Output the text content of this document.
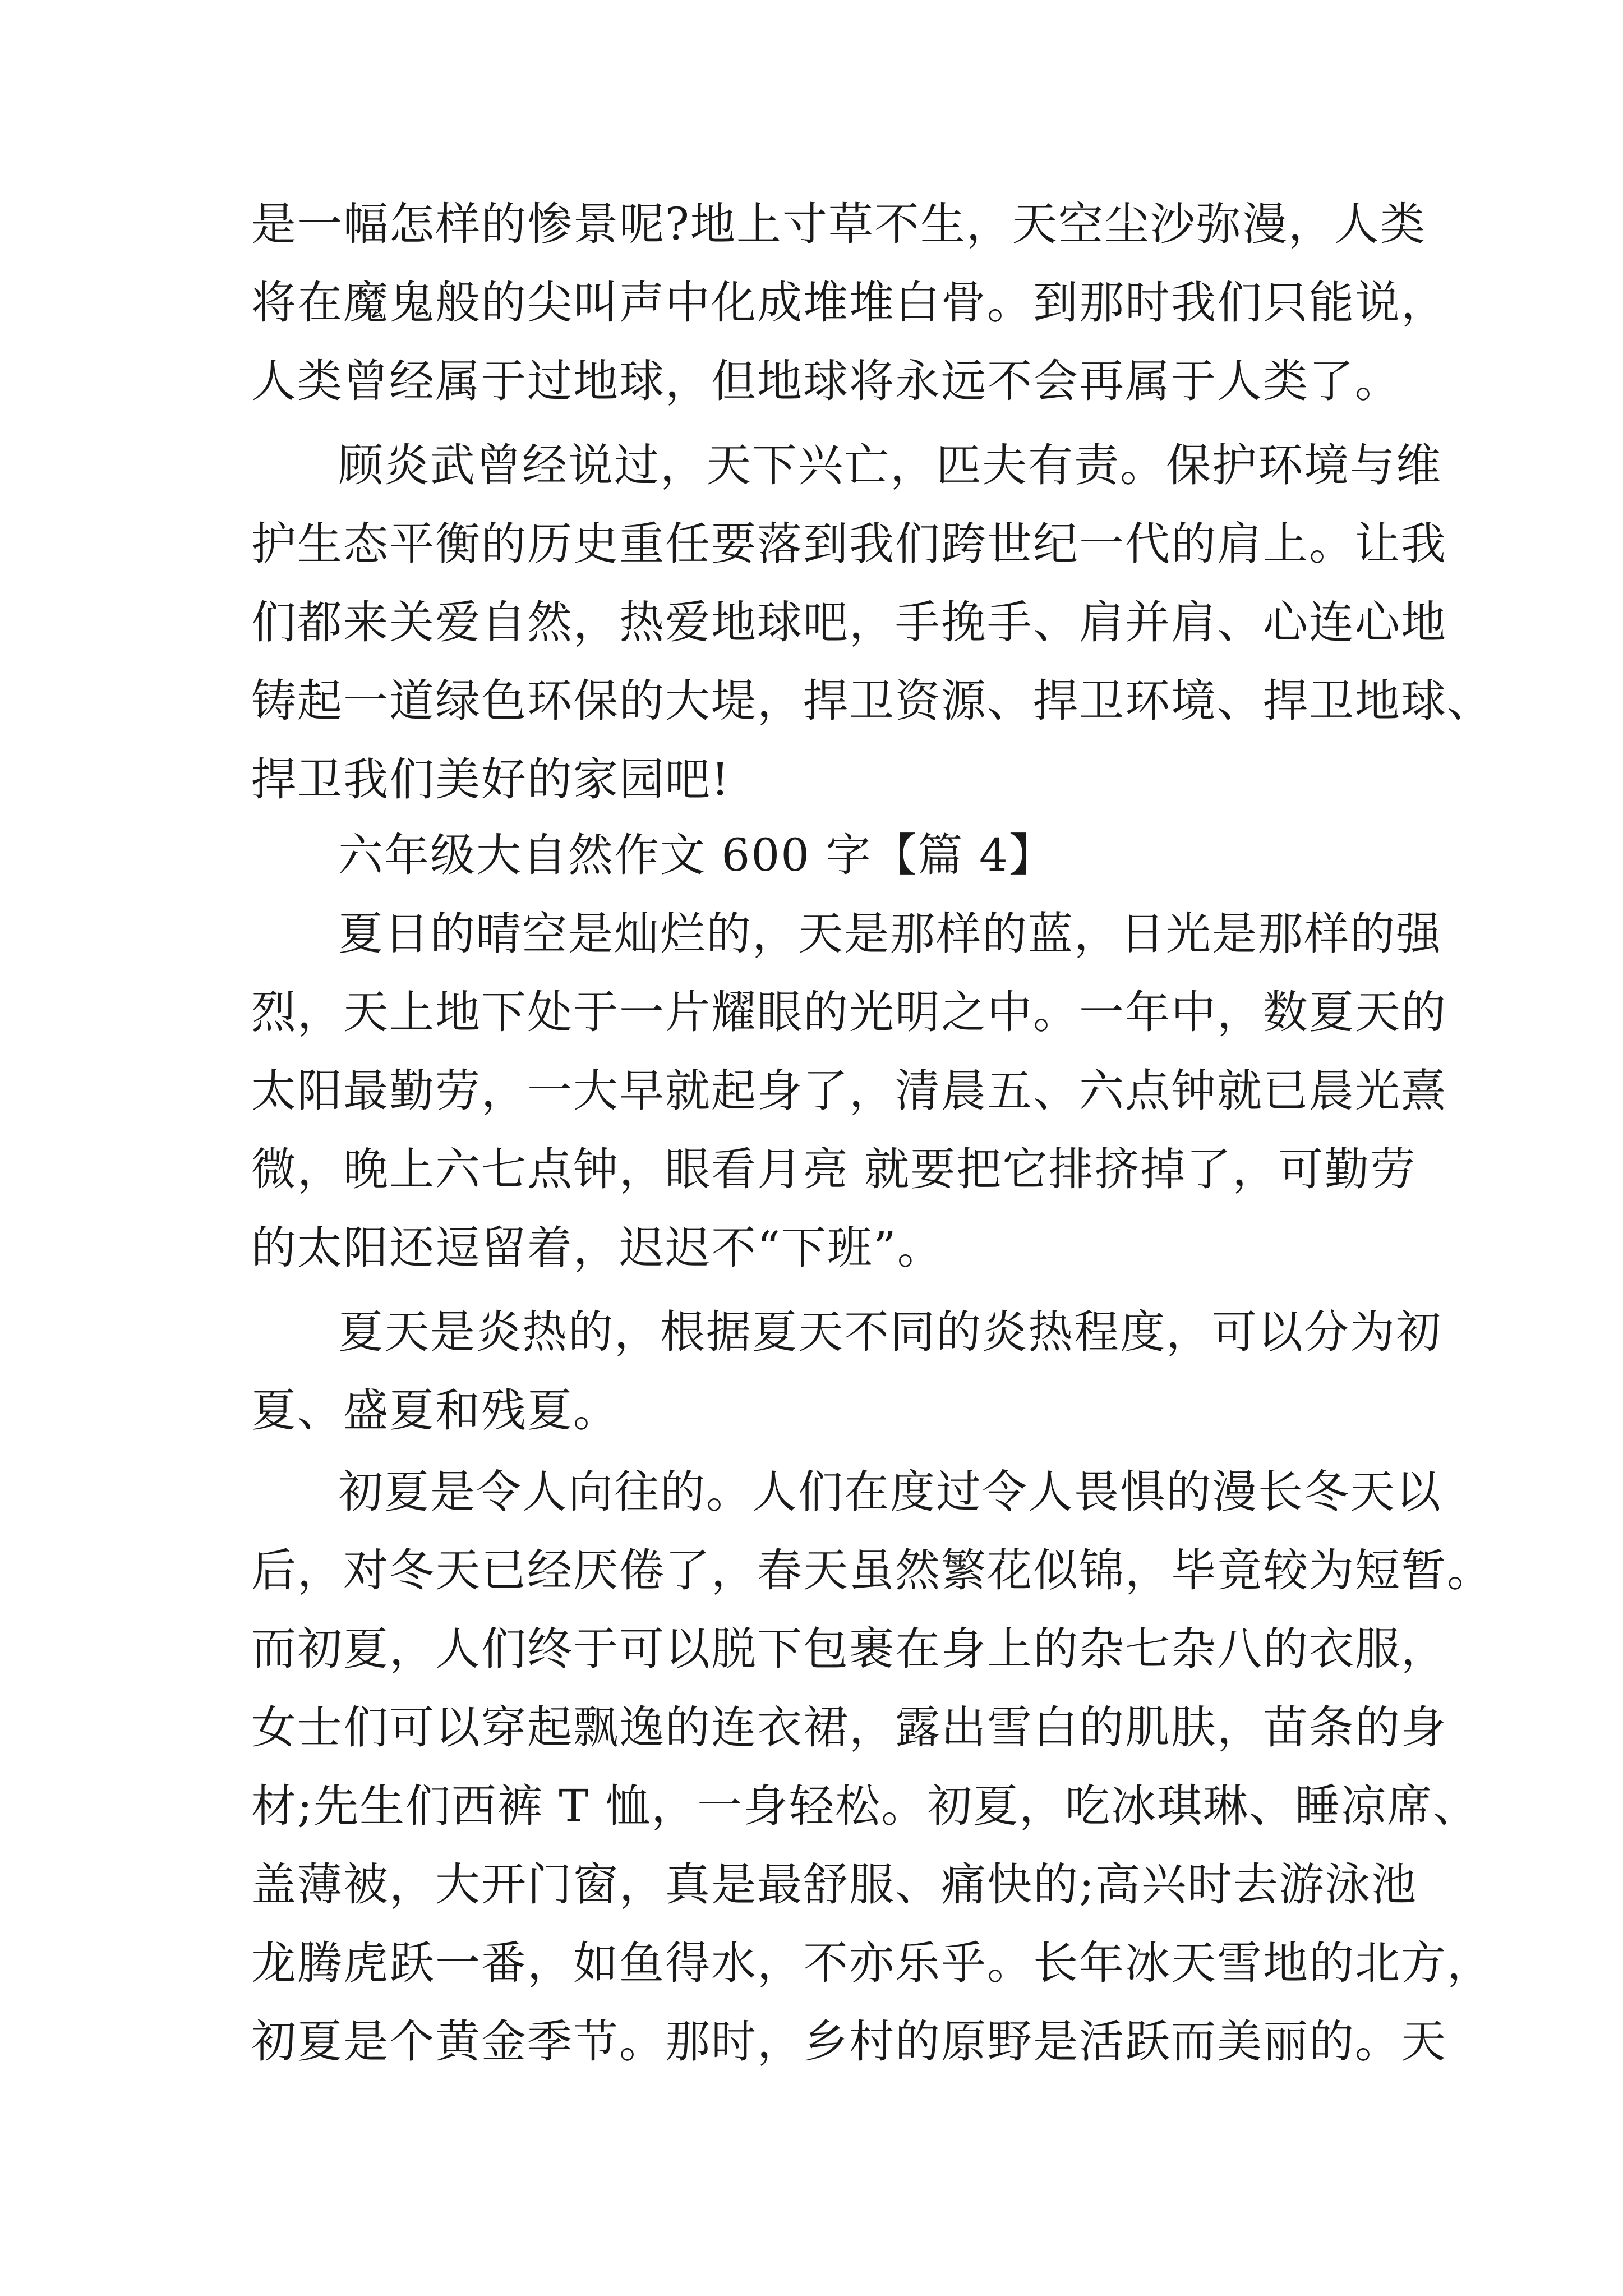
是一幅怎样的惨景呢?地上寸草不生，天空尘沙弥漫，人类
将在魔鬼般的尖叫声中化成堆堆白骨。到那时我们只能说，
人类曾经属于过地球，但地球将永远不会再属于人类了。
顾炎武曾经说过，天下兴亡，匹夫有责。保护环境与维
护生态平衡的历史重任要落到我们跨世纪一代的肩上。让我
们都来关爱自然，热爱地球吧，手挽手、肩并肩、心连心地
铸起一道绿色环保的大堤，捍卫资源、捍卫环境、捍卫地球、
捍卫我们美好的家园吧!
六年级大自然作文 600 字【篇 4】
夏日的晴空是灿烂的，天是那样的蓝，日光是那样的强
烈，天上地下处于一片耀眼的光明之中。一年中，数夏天的
太阳最勤劳，一大早就起身了，清晨五、六点钟就已晨光熹
微，晚上六七点钟，眼看月亮 就要把它排挤掉了，可勤劳
的太阳还逗留着，迟迟不“下班”。
夏天是炎热的，根据夏天不同的炎热程度，可以分为初
夏、盛夏和残夏。
初夏是令人向往的。人们在度过令人畏惧的漫长冬天以
后，对冬天已经厌倦了，春天虽然繁花似锦，毕竟较为短暂。
而初夏，人们终于可以脱下包裹在身上的杂七杂八的衣服，
女士们可以穿起飘逸的连衣裙，露出雪白的肌肤，苗条的身
材;先生们西裤 T 恤，一身轻松。初夏，吃冰琪琳、睡凉席、
盖薄被，大开门窗，真是最舒服、痛快的;高兴时去游泳池
龙腾虎跃一番，如鱼得水，不亦乐乎。长年冰天雪地的北方，
初夏是个黄金季节。那时，乡村的原野是活跃而美丽的。天
